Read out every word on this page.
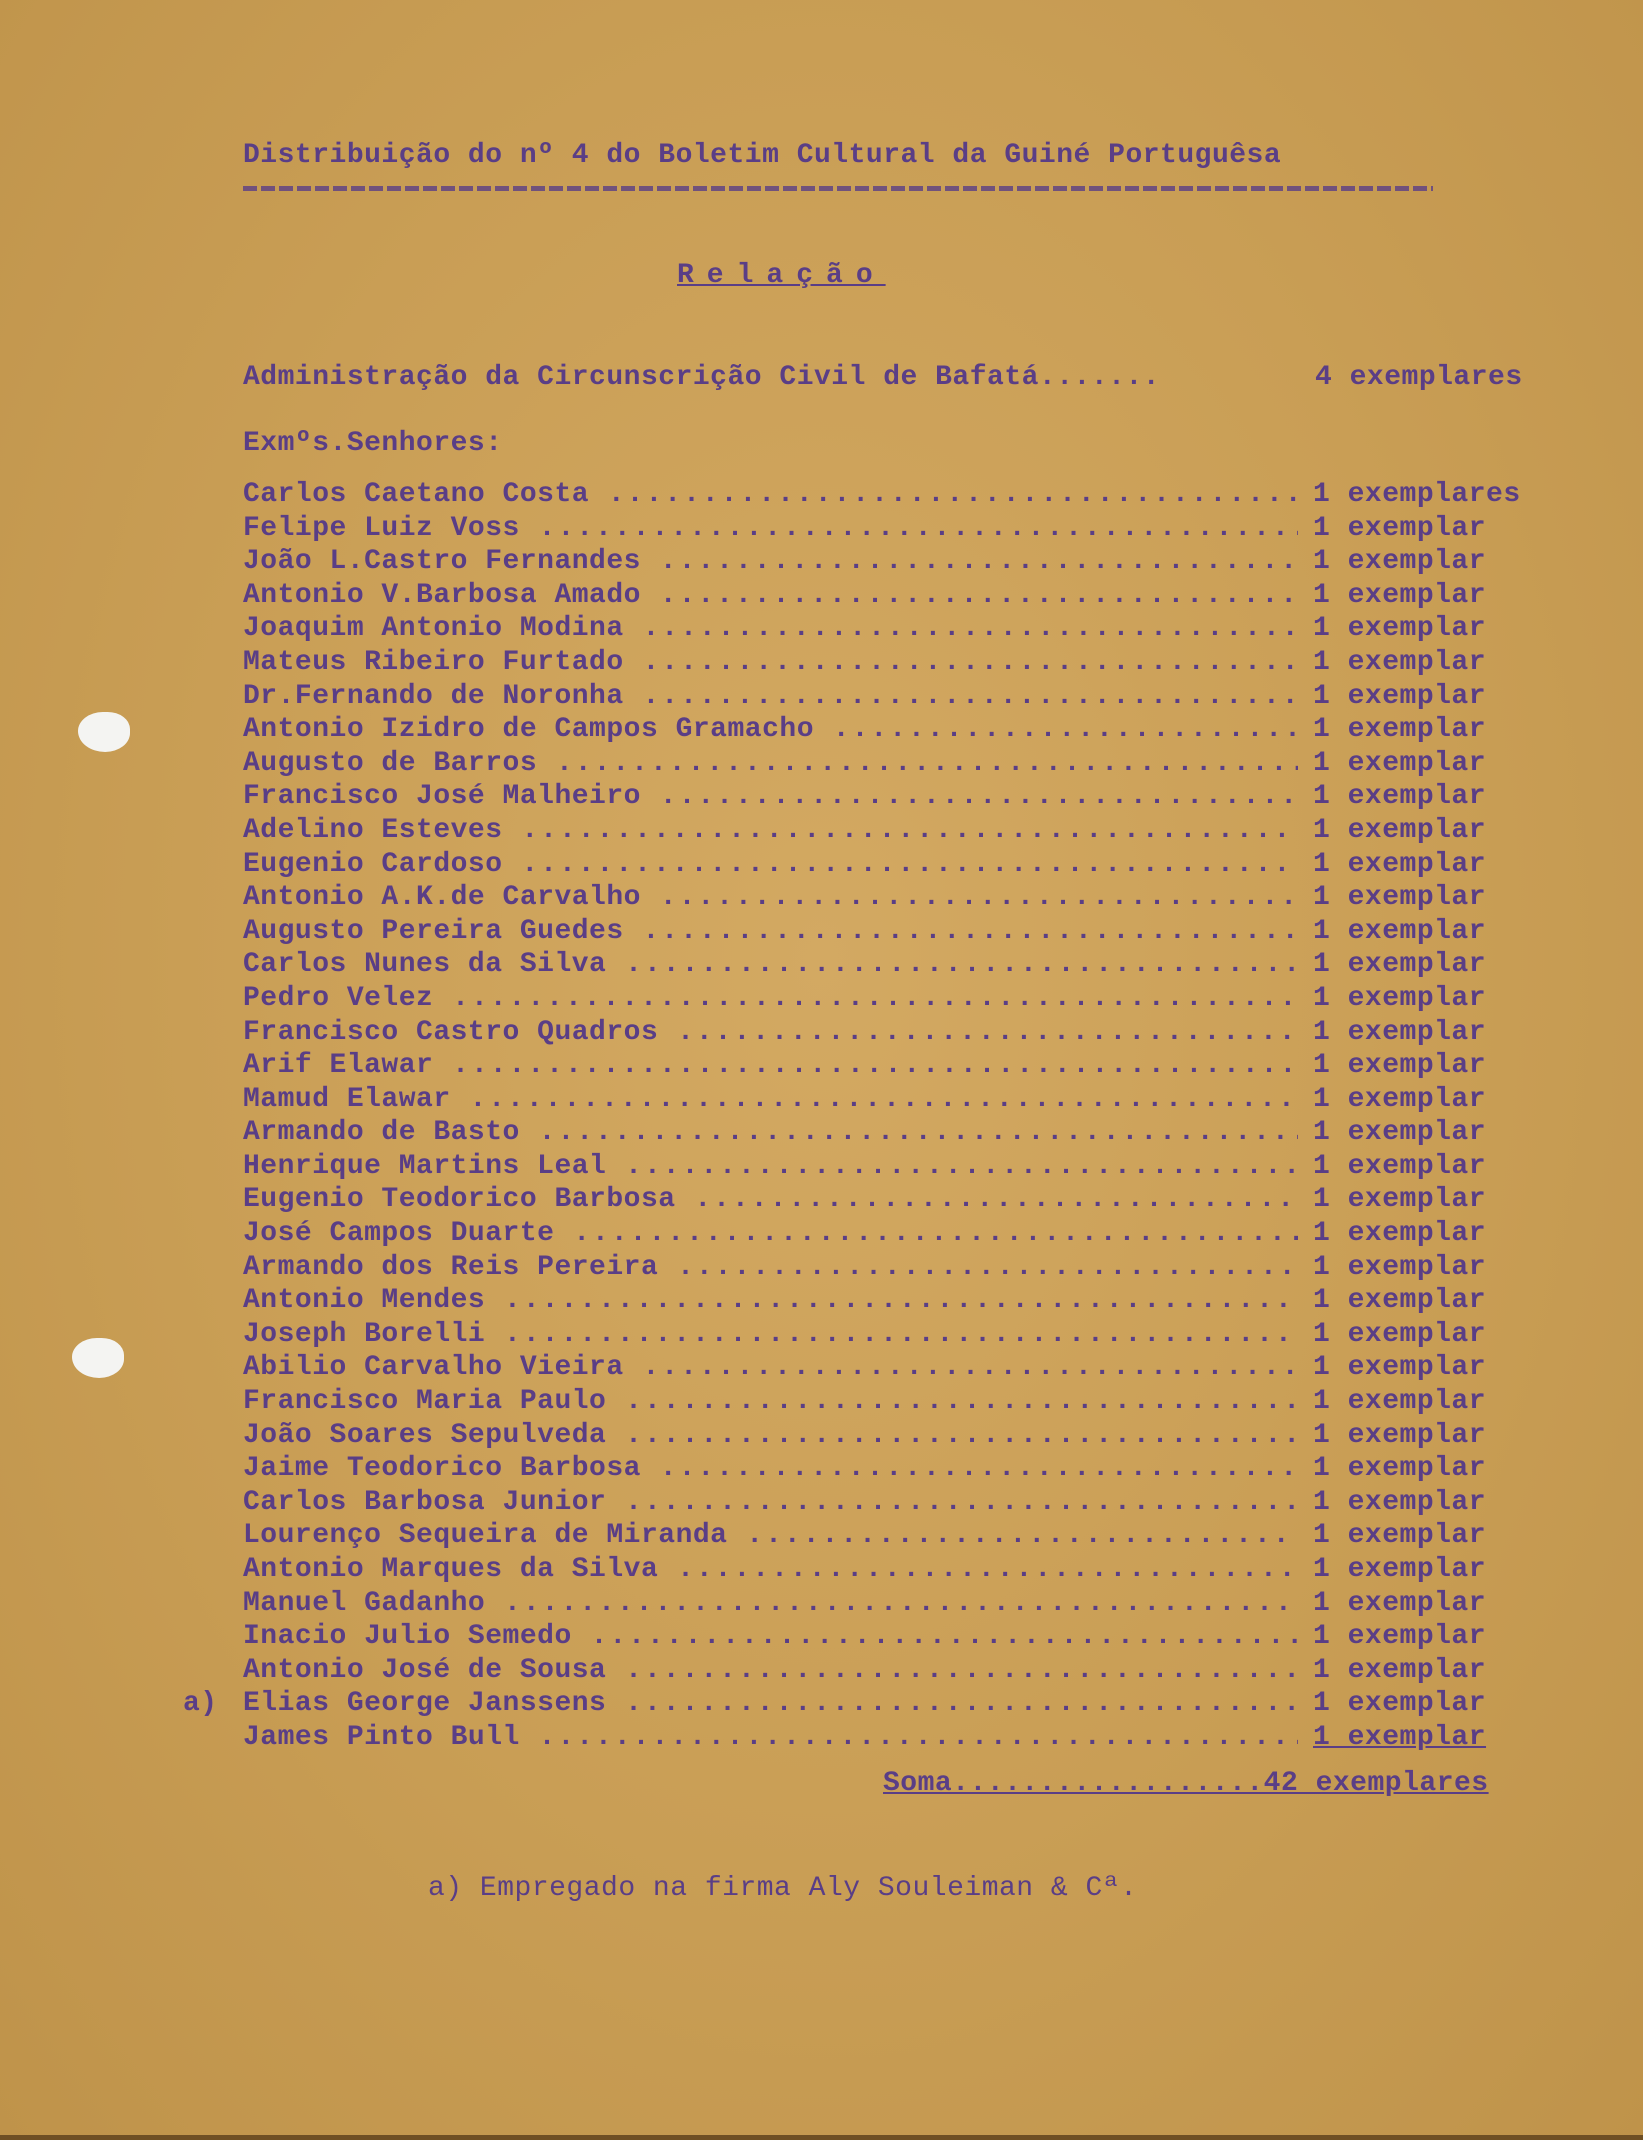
Distribuição do nº 4 do Boletim Cultural da Guiné Portuguêsa
Relação
Administração da Circunscrição Civil de Bafatá.......	4 exemplares
Exmºs.Senhores:
Carlos Caetano Costa .....	1 exemplares
Felipe Luiz Voss .....	1 exemplar
João L.Castro Fernandes .....	1 exemplar
Antonio V.Barbosa Amado .....	1 exemplar
Joaquim Antonio Modina .....	1 exemplar
Mateus Ribeiro Furtado .....	1 exemplar
Dr.Fernando de Noronha .....	1 exemplar
Antonio Izidro de Campos Gramacho .....	1 exemplar
Augusto de Barros .....	1 exemplar
Francisco José Malheiro .....	1 exemplar
Adelino Esteves .....	1 exemplar
Eugenio Cardoso .....	1 exemplar
Antonio A.K.de Carvalho .....	1 exemplar
Augusto Pereira Guedes .....	1 exemplar
Carlos Nunes da Silva .....	1 exemplar
Pedro Velez .....	1 exemplar
Francisco Castro Quadros .....	1 exemplar
Arif Elawar .....	1 exemplar
Mamud Elawar .....	1 exemplar
Armando de Basto .....	1 exemplar
Henrique Martins Leal .....	1 exemplar
Eugenio Teodorico Barbosa .....	1 exemplar
José Campos Duarte .....	1 exemplar
Armando dos Reis Pereira .....	1 exemplar
Antonio Mendes .....	1 exemplar
Joseph Borelli .....	1 exemplar
Abilio Carvalho Vieira .....	1 exemplar
Francisco Maria Paulo .....	1 exemplar
João Soares Sepulveda .....	1 exemplar
Jaime Teodorico Barbosa .....	1 exemplar
Carlos Barbosa Junior .....	1 exemplar
Lourenço Sequeira de Miranda .....	1 exemplar
Antonio Marques da Silva .....	1 exemplar
Manuel Gadanho .....	1 exemplar
Inacio Julio Semedo .....	1 exemplar
Antonio José de Sousa .....	1 exemplar
a) Elias George Janssens .....	1 exemplar
James Pinto Bull .....	1 exemplar
Soma..................42 exemplares
a) Empregado na firma Aly Souleiman & Cª.
